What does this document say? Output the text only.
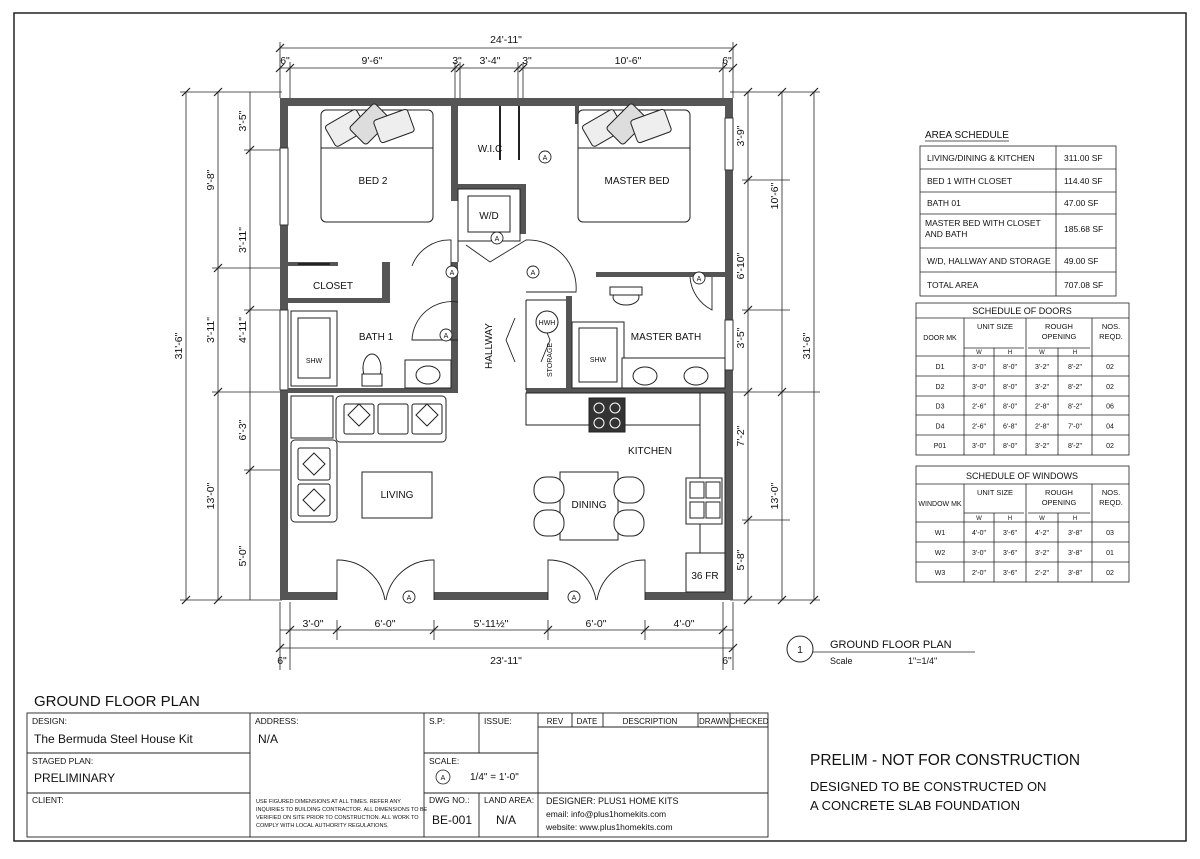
24'-11"
6"	9'-6"	3" 3'-4" 3"	10'-6"	6"
3'-0"	6'-0"	5'-11½"	6'-0"	4'-0"
23'-11"
6"	6"
31'-6"
9'-8"
3'-11"
13'-0"
3'-5"
3'-11"
4'-11"
6'-3"
5'-0"
31'-6"
10'-6"
13'-0"
3'-9"
6'-10"
3'-5"
7'-2"
5'-8"
A
A
A	A
A
A
A	A
BED 2
W.I.C
MASTER BED
W/D
CLOSET
BATH 1
SHW	HALLWAY	HWH
STORAGE	SHW
MASTER BATH
KITCHEN
LIVING
DINING
36 FR
AREA SCHEDULE
LIVING/DINING & KITCHEN	311.00 SF
BED 1 WITH CLOSET	114.40 SF
BATH 01	47.00 SF
MASTER BED WITH CLOSET AND BATH	185.68 SF
W/D, HALLWAY AND STORAGE 49.00 SF
TOTAL AREA	707.08 SF
SCHEDULE OF DOORS
DOOR MK
UNIT SIZE	ROUGH OPENING
NOS. REQD.
W	H	W	H
D1	3'-0" 8'-0"	3'-2"	8'-2"	02
D2	3'-0" 8'-0"	3'-2"	8'-2"	02
D3	2'-6" 8'-0"	2'-8"	8'-2"	06
D4	2'-6" 6'-8"	2'-8"	7'-0"	04
P01	3'-0" 8'-0"	3'-2"	8'-2"	02
SCHEDULE OF WINDOWS
WINDOW MK
UNIT SIZE	ROUGH OPENING
NOS. REQD.
W	H	W	H
W1	4'-0" 3'-6"	4'-2"	3'-8"	03
W2	3'-0" 3'-6"	3'-2"	3'-8"	01
W3	2'-0" 3'-6"	2'-2"	3'-8"	02
1 GROUND FLOOR PLAN
Scale	1"=1/4"
GROUND FLOOR PLAN
DESIGN:
The Bermuda Steel House Kit
STAGED PLAN:
PRELIMINARY
CLIENT:
ADDRESS:
N/A
USE FIGURED DIMENSIONS AT ALL TIMES. REFER ANY
INQUIRIES TO BUILDING CONTRACTOR. ALL DIMENSIONS TO BE
VERIFIED ON SITE PRIOR TO CONSTRUCTION. ALL WORK TO
COMPLY WITH LOCAL AUTHORITY REGULATIONS.
S.P:	ISSUE:
SCALE:
A 1/4" = 1'-0"
DWG NO.:
BE-001
LAND AREA:
N/A
REV DATE	DESCRIPTION	DRAWN CHECKED
DESIGNER: PLUS1 HOME KITS
email: info@plus1homekits.com
website: www.plus1homekits.com
PRELIM - NOT FOR CONSTRUCTION
DESIGNED TO BE CONSTRUCTED ON
A CONCRETE SLAB FOUNDATION
